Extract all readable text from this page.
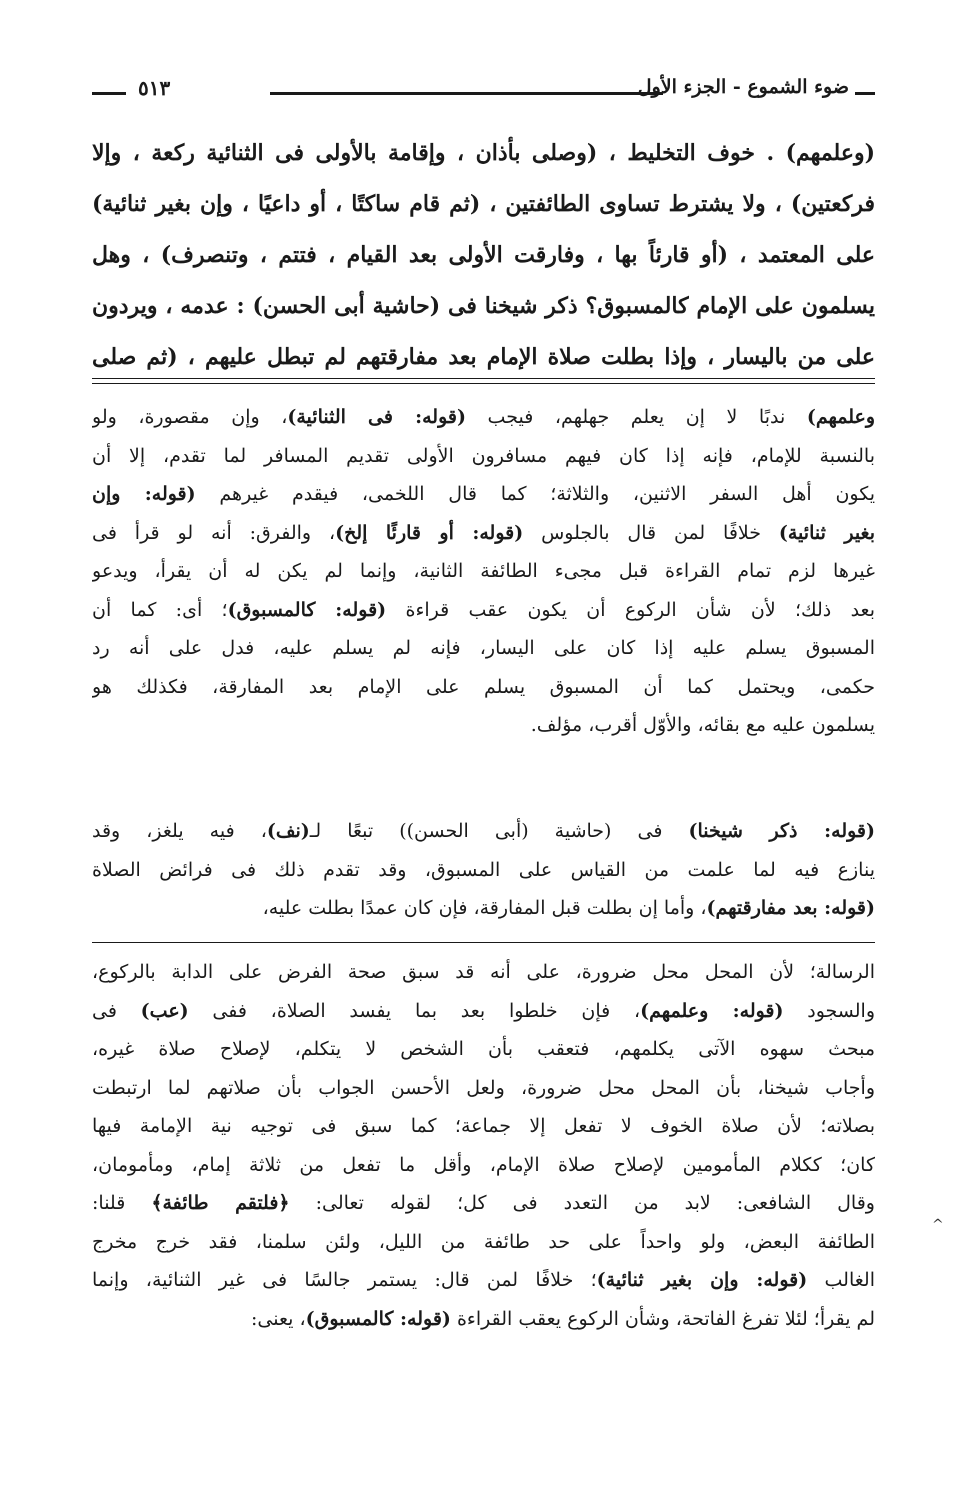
ضوء الشموع - الجزء الأول
٥١٣
(وعلمهم) . خوف التخليط ، (وصلى بأذان ، وإقامة بالأولى فى الثنائية ركعة ، وإلا
فركعتين) ، ولا يشترط تساوى الطائفتين ، (ثم قام ساكتًا ، أو داعيًا ، وإن بغير ثنائية)
على المعتمد ، (أو قارئاً بها ، وفارقت الأولى بعد القيام ، فتتم ، وتنصرف) ، وهل
يسلمون على الإمام كالمسبوق؟ ذكر شيخنا فى (حاشية أبى الحسن) : عدمه ، ويردون
على من باليسار ، وإذا بطلت صلاة الإمام بعد مفارقتهم لم تبطل عليهم ، (ثم صلى
وعلمهم) ندبًا لا إن يعلم جهلهم، فيجب (قوله: فى الثنائية)، وإن مقصورة، ولو
بالنسبة للإمام، فإنه إذا كان فيهم مسافرون الأولى تقديم المسافر لما تقدم، إلا أن
يكون أهل السفر الاثنين، والثلاثة؛ كما قال اللخمى، فيقدم غيرهم (قوله: وإن
بغير ثنائية) خلافًا لمن قال بالجلوس (قوله: أو قارئًا إلخ)، والفرق: أنه لو قرأ فى
غيرها لزم تمام القراءة قبل مجىء الطائفة الثانية، وإنما لم يكن له أن يقرأ، ويدعو
بعد ذلك؛ لأن شأن الركوع أن يكون عقب قراءة (قوله: كالمسبوق)؛ أى: كما أن
المسبوق يسلم عليه إذا كان على اليسار، فإنه لم يسلم عليه، فدل على أنه رد
حكمى، ويحتمل كما أن المسبوق يسلم على الإمام بعد المفارقة، فكذلك هو
يسلمون عليه مع بقائه، والأوّل أقرب، مؤلف.
(قوله: ذكر شيخنا) فى (حاشية (أبى الحسن)) تبعًا لـ(نف)، فيه يلغز، وقد
ينازع فيه لما علمت من القياس على المسبوق، وقد تقدم ذلك فى فرائض الصلاة
(قوله: بعد مفارقتهم)، وأما إن بطلت قبل المفارقة، فإن كان عمدًا بطلت عليه،
الرسالة؛ لأن المحل محل ضرورة، على أنه قد سبق صحة الفرض على الدابة بالركوع،
والسجود (قوله: وعلمهم)، فإن خلطوا بعد بما يفسد الصلاة، ففى (عب) فى
مبحث سهوه الآتى يكلمهم، فتعقب بأن الشخص لا يتكلم، لإصلاح صلاة غيره،
وأجاب شيخنا، بأن المحل محل ضرورة، ولعل الأحسن الجواب بأن صلاتهم لما ارتبطت
بصلاته؛ لأن صلاة الخوف لا تفعل إلا جماعة؛ كما سبق فى توجيه نية الإمامة فيها
كان؛ ككلام المأمومين لإصلاح صلاة الإمام، وأقل ما تفعل من ثلاثة إمام، ومأمومان،
وقال الشافعى: لابد من التعدد فى كل؛ لقوله تعالى: ﴿فلتقم طائفة﴾ قلنا:
الطائفة البعض، ولو واحداً على حد طائفة من الليل، ولئن سلمنا، فقد خرج مخرج
الغالب (قوله: وإن بغير ثنائية)؛ خلافًا لمن قال: يستمر جالسًا فى غير الثنائية، وإنما
لم يقرأ؛ لئلا تفرغ الفاتحة، وشأن الركوع يعقب القراءة (قوله: كالمسبوق)، يعنى:
^
